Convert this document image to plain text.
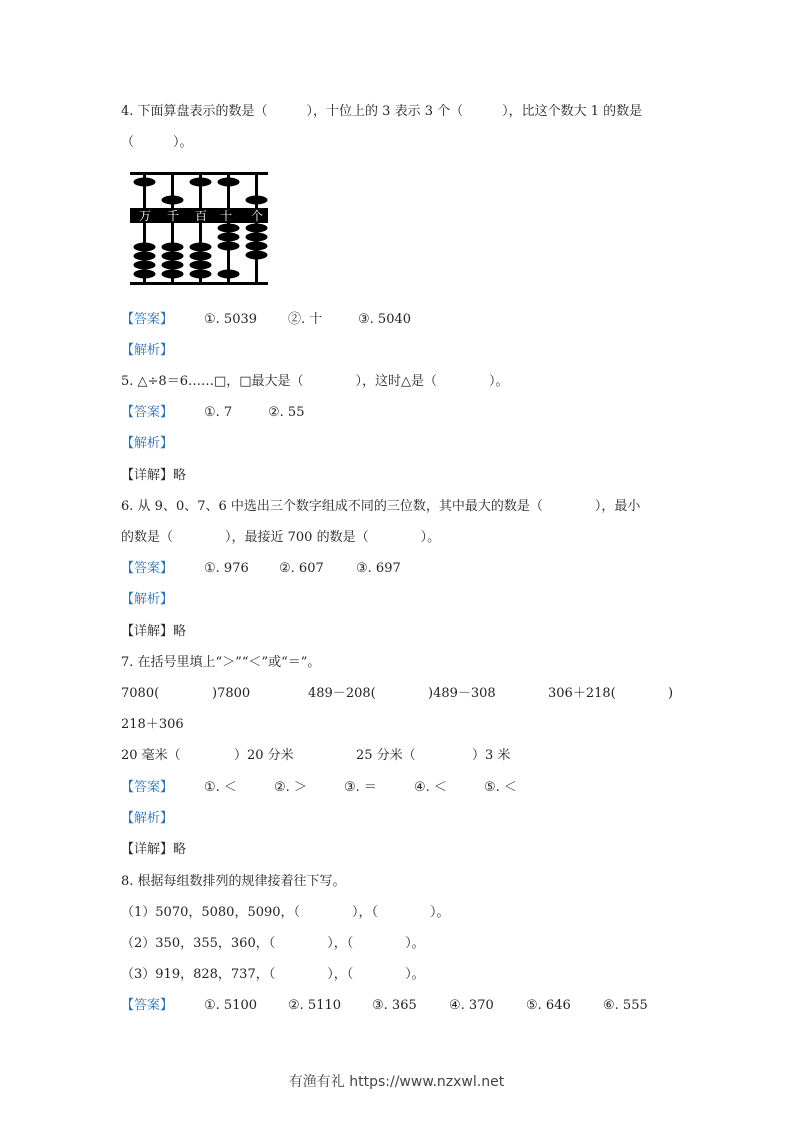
4. 下面算盘表示的数是（　　　），十位上的 3 表示 3 个（　　　），比这个数大 1 的数是
（　　　）。
万 千 百 十 个
【答案】 ①. 5039 ②. 十	③. 5040
【解析】
5. △÷8＝6……□，□最大是（　　　　），这时△是（　　　　）。
【答案】 ①. 7	②. 55
【解析】
【详解】略
6. 从 9、0、7、6 中选出三个数字组成不同的三位数，其中最大的数是（　　　　），最小
的数是（　　　　），最接近 700 的数是（　　　　）。
【答案】 ①. 976 ②. 607 ③. 697
【解析】
【详解】略
7. 在括号里填上“＞”“＜”或“＝”。
7080(	)7800	489－208(	)489－308	306＋218(	)
218＋306
20 毫米（	）20 分米	25 分米（	）3 米
【答案】 ①. ＜	②. ＞	③. ＝	④. ＜	⑤. ＜
【解析】
【详解】略
8. 根据每组数排列的规律接着往下写。
（1）5070，5080，5090，（　　　　），（　　　　）。
（2）350，355，360，（　　　　），（　　　　）。
（3）919，828，737，（　　　　），（　　　　）。
【答案】 ①. 5100 ②. 5110 ③. 365 ④. 370 ⑤. 646 ⑥. 555
有渔有礼 https://www.nzxwl.net
